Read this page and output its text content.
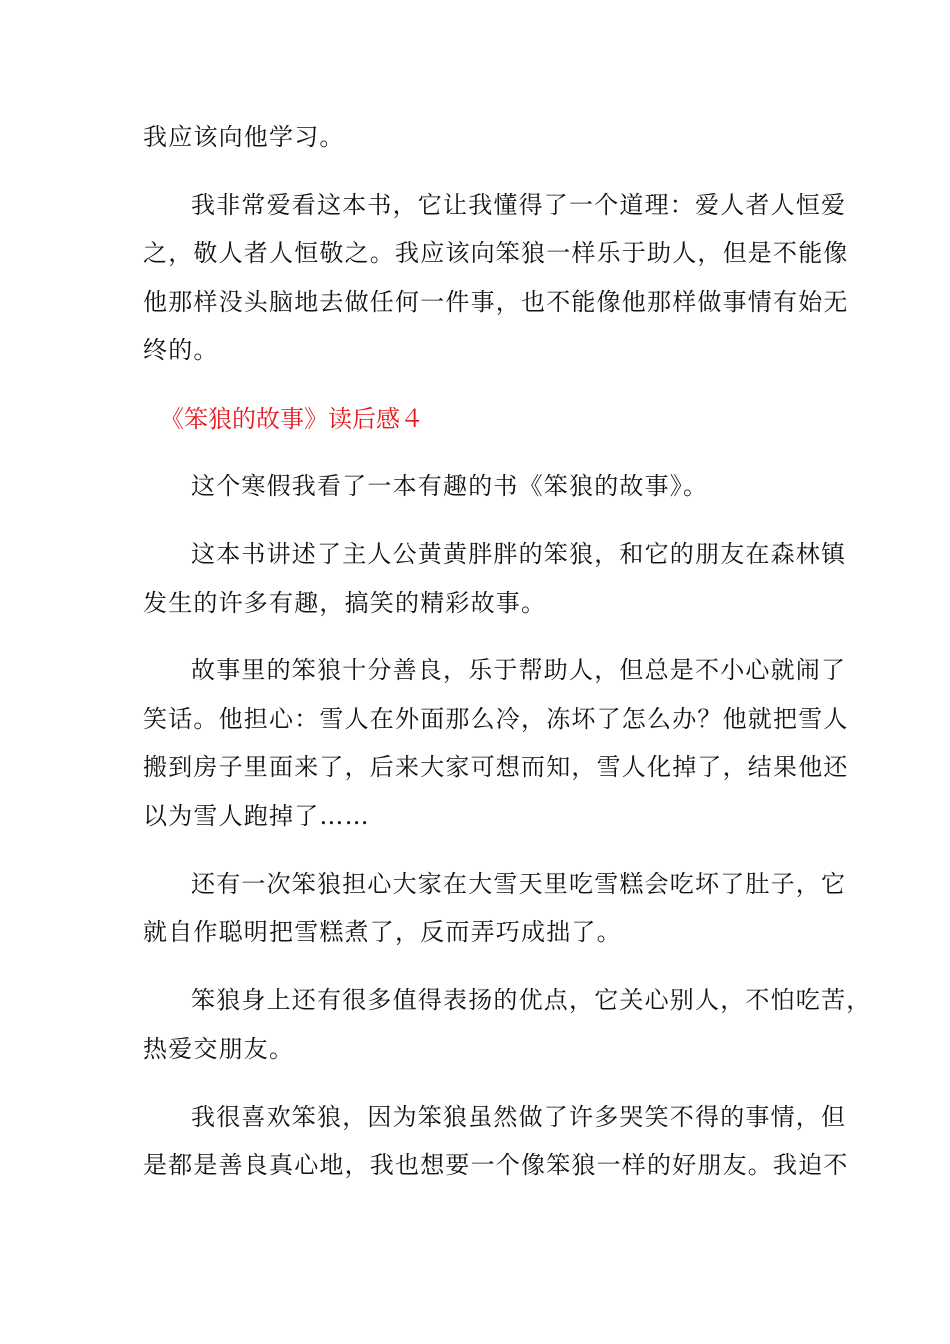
我应该向他学习。
我非常爱看这本书，它让我懂得了一个道理：爱人者人恒爱
之，敬人者人恒敬之。我应该向笨狼一样乐于助人，但是不能像
他那样没头脑地去做任何一件事，也不能像他那样做事情有始无
终的。
《笨狼的故事》读后感４
这个寒假我看了一本有趣的书《笨狼的故事》。
这本书讲述了主人公黄黄胖胖的笨狼，和它的朋友在森林镇
发生的许多有趣，搞笑的精彩故事。
故事里的笨狼十分善良，乐于帮助人，但总是不小心就闹了
笑话。他担心：雪人在外面那么冷，冻坏了怎么办？他就把雪人
搬到房子里面来了，后来大家可想而知，雪人化掉了，结果他还
以为雪人跑掉了……
还有一次笨狼担心大家在大雪天里吃雪糕会吃坏了肚子，它
就自作聪明把雪糕煮了，反而弄巧成拙了。
笨狼身上还有很多值得表扬的优点，它关心别人，不怕吃苦，
热爱交朋友。
我很喜欢笨狼，因为笨狼虽然做了许多哭笑不得的事情，但
是都是善良真心地，我也想要一个像笨狼一样的好朋友。我迫不
